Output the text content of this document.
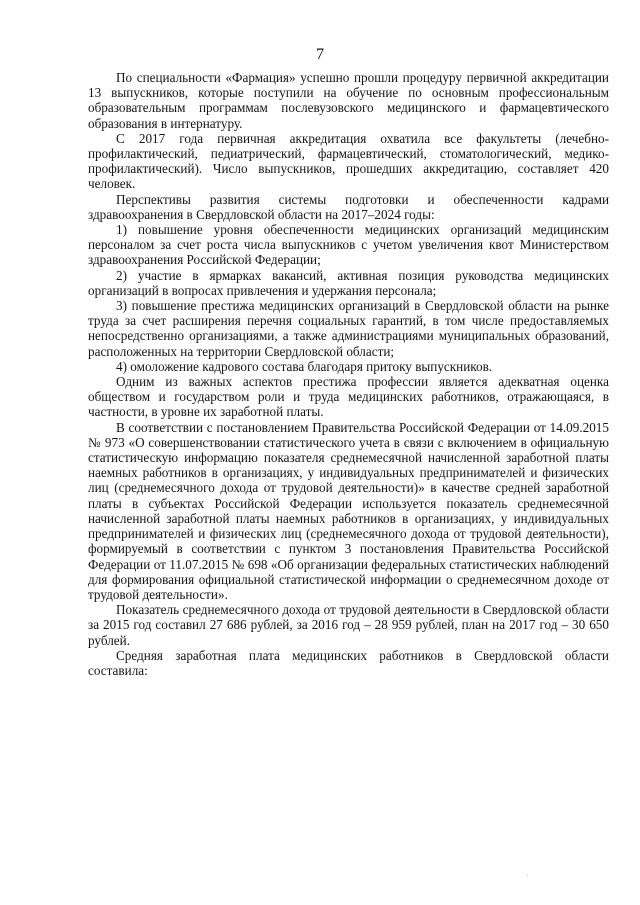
7

По специальности «Фармация» успешно прошли процедуру первичной аккредитации 13 выпускников, которые поступили на обучение по основным профессиональным образовательным программам послевузовского медицинского и фармацевтического образования в интернатуру.

С 2017 года первичная аккредитация охватила все факультеты (лечебно-профилактический, педиатрический, фармацевтический, стоматологический, медико-профилактический). Число выпускников, прошедших аккредитацию, составляет 420 человек.

Перспективы развития системы подготовки и обеспеченности кадрами здравоохранения в Свердловской области на 2017–2024 годы:

1) повышение уровня обеспеченности медицинских организаций медицинским персоналом за счет роста числа выпускников с учетом увеличения квот Министерством здравоохранения Российской Федерации;

2) участие в ярмарках вакансий, активная позиция руководства медицинских организаций в вопросах привлечения и удержания персонала;

3) повышение престижа медицинских организаций в Свердловской области на рынке труда за счет расширения перечня социальных гарантий, в том числе предоставляемых непосредственно организациями, а также администрациями муниципальных образований, расположенных на территории Свердловской области;

4) омоложение кадрового состава благодаря притоку выпускников.

Одним из важных аспектов престижа профессии является адекватная оценка обществом и государством роли и труда медицинских работников, отражающаяся, в частности, в уровне их заработной платы.

В соответствии с постановлением Правительства Российской Федерации от 14.09.2015 № 973 «О совершенствовании статистического учета в связи с включением в официальную статистическую информацию показателя среднемесячной начисленной заработной платы наемных работников в организациях, у индивидуальных предпринимателей и физических лиц (среднемесячного дохода от трудовой деятельности)» в качестве средней заработной платы в субъектах Российской Федерации используется показатель среднемесячной начисленной заработной платы наемных работников в организациях, у индивидуальных предпринимателей и физических лиц (среднемесячного дохода от трудовой деятельности), формируемый в соответствии с пунктом 3 постановления Правительства Российской Федерации от 11.07.2015 № 698 «Об организации федеральных статистических наблюдений для формирования официальной статистической информации о среднемесячном доходе от трудовой деятельности».

Показатель среднемесячного дохода от трудовой деятельности в Свердловской области за 2015 год составил 27 686 рублей, за 2016 год – 28 959 рублей, план на 2017 год – 30 650 рублей.

Средняя заработная плата медицинских работников в Свердловской области составила:
